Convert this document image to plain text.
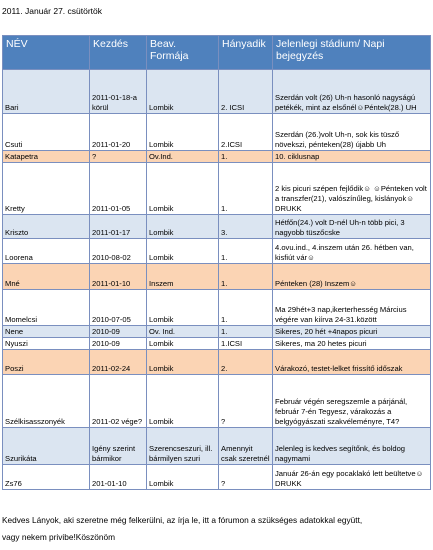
2011. Január 27. csütörtök
NÉV	Kezdés	Beav. Formája	Hányadik	Jelenlegi stádium/ Napi bejegyzés
Bari	2011-01-18-a körül	Lombik	2. ICSI	Szerdán volt (26) Uh-n hasonló nagyságú petékék, mint az elsőnél☺Péntek(28.) UH
Csuti	2011-01-20	Lombik	2.ICSI	Szerdán (26.)volt Uh-n, sok kis tüsző növekszi, pénteken(28) újabb Uh
Katapetra	?	Ov.Ind.	1.	10. ciklusnap
Kretty	2011-01-05	Lombik	1.	2 kis picuri szépen fejlődik☺ ☺Pénteken volt a transzfer(21), valószínűleg, kislányok☺DRUKK
Kriszto	2011-01-17	Lombik	3.	Hétfőn(24.) volt D-nél Uh-n több pici, 3 nagyobb tüszőcske
Loorena	2010-08-02	Lombik	1.	4.ovu.ind., 4.inszem után 26. hétben van, kisfiút vár☺
Mné	2011-01-10	Inszem	1.	Pénteken (28) Inszem☺
Momelcsi	2010-07-05	Lombik	1.	Ma 29hét+3 nap,ikerterhesség Március végére van kiírva 24-31.között
Nene	2010-09	Ov. Ind.	1.	Sikeres, 20 hét +4napos picuri
Nyuszi	2010-09	Lombik	1.ICSI	Sikeres, ma 20 hetes picuri
Poszi	2011-02-24	Lombik	2.	Várakozó, testet-lelket frissítő időszak
Szélkisasszonyék	2011-02 vége?	Lombik	?	Február végén seregszemle a párjánál, február 7-én Tegyesz, várakozás a belgyógyászati szakvéleményre, T4?
Szurikáta	Igény szerint bármikor	Szerencseszuri, ill. bármilyen szuri	Amennyit csak szeretnél	Jelenleg is kedves segítőnk, és boldog nagymami
Zs76	201-01-10	Lombik	?	Január 26-án egy pocaklakó lett beültetve☺DRUKK
Kedves Lányok, aki szeretne még felkerülni, az írja le, itt a fórumon a szükséges adatokkal együtt,
vagy nekem privibe!Köszönöm
